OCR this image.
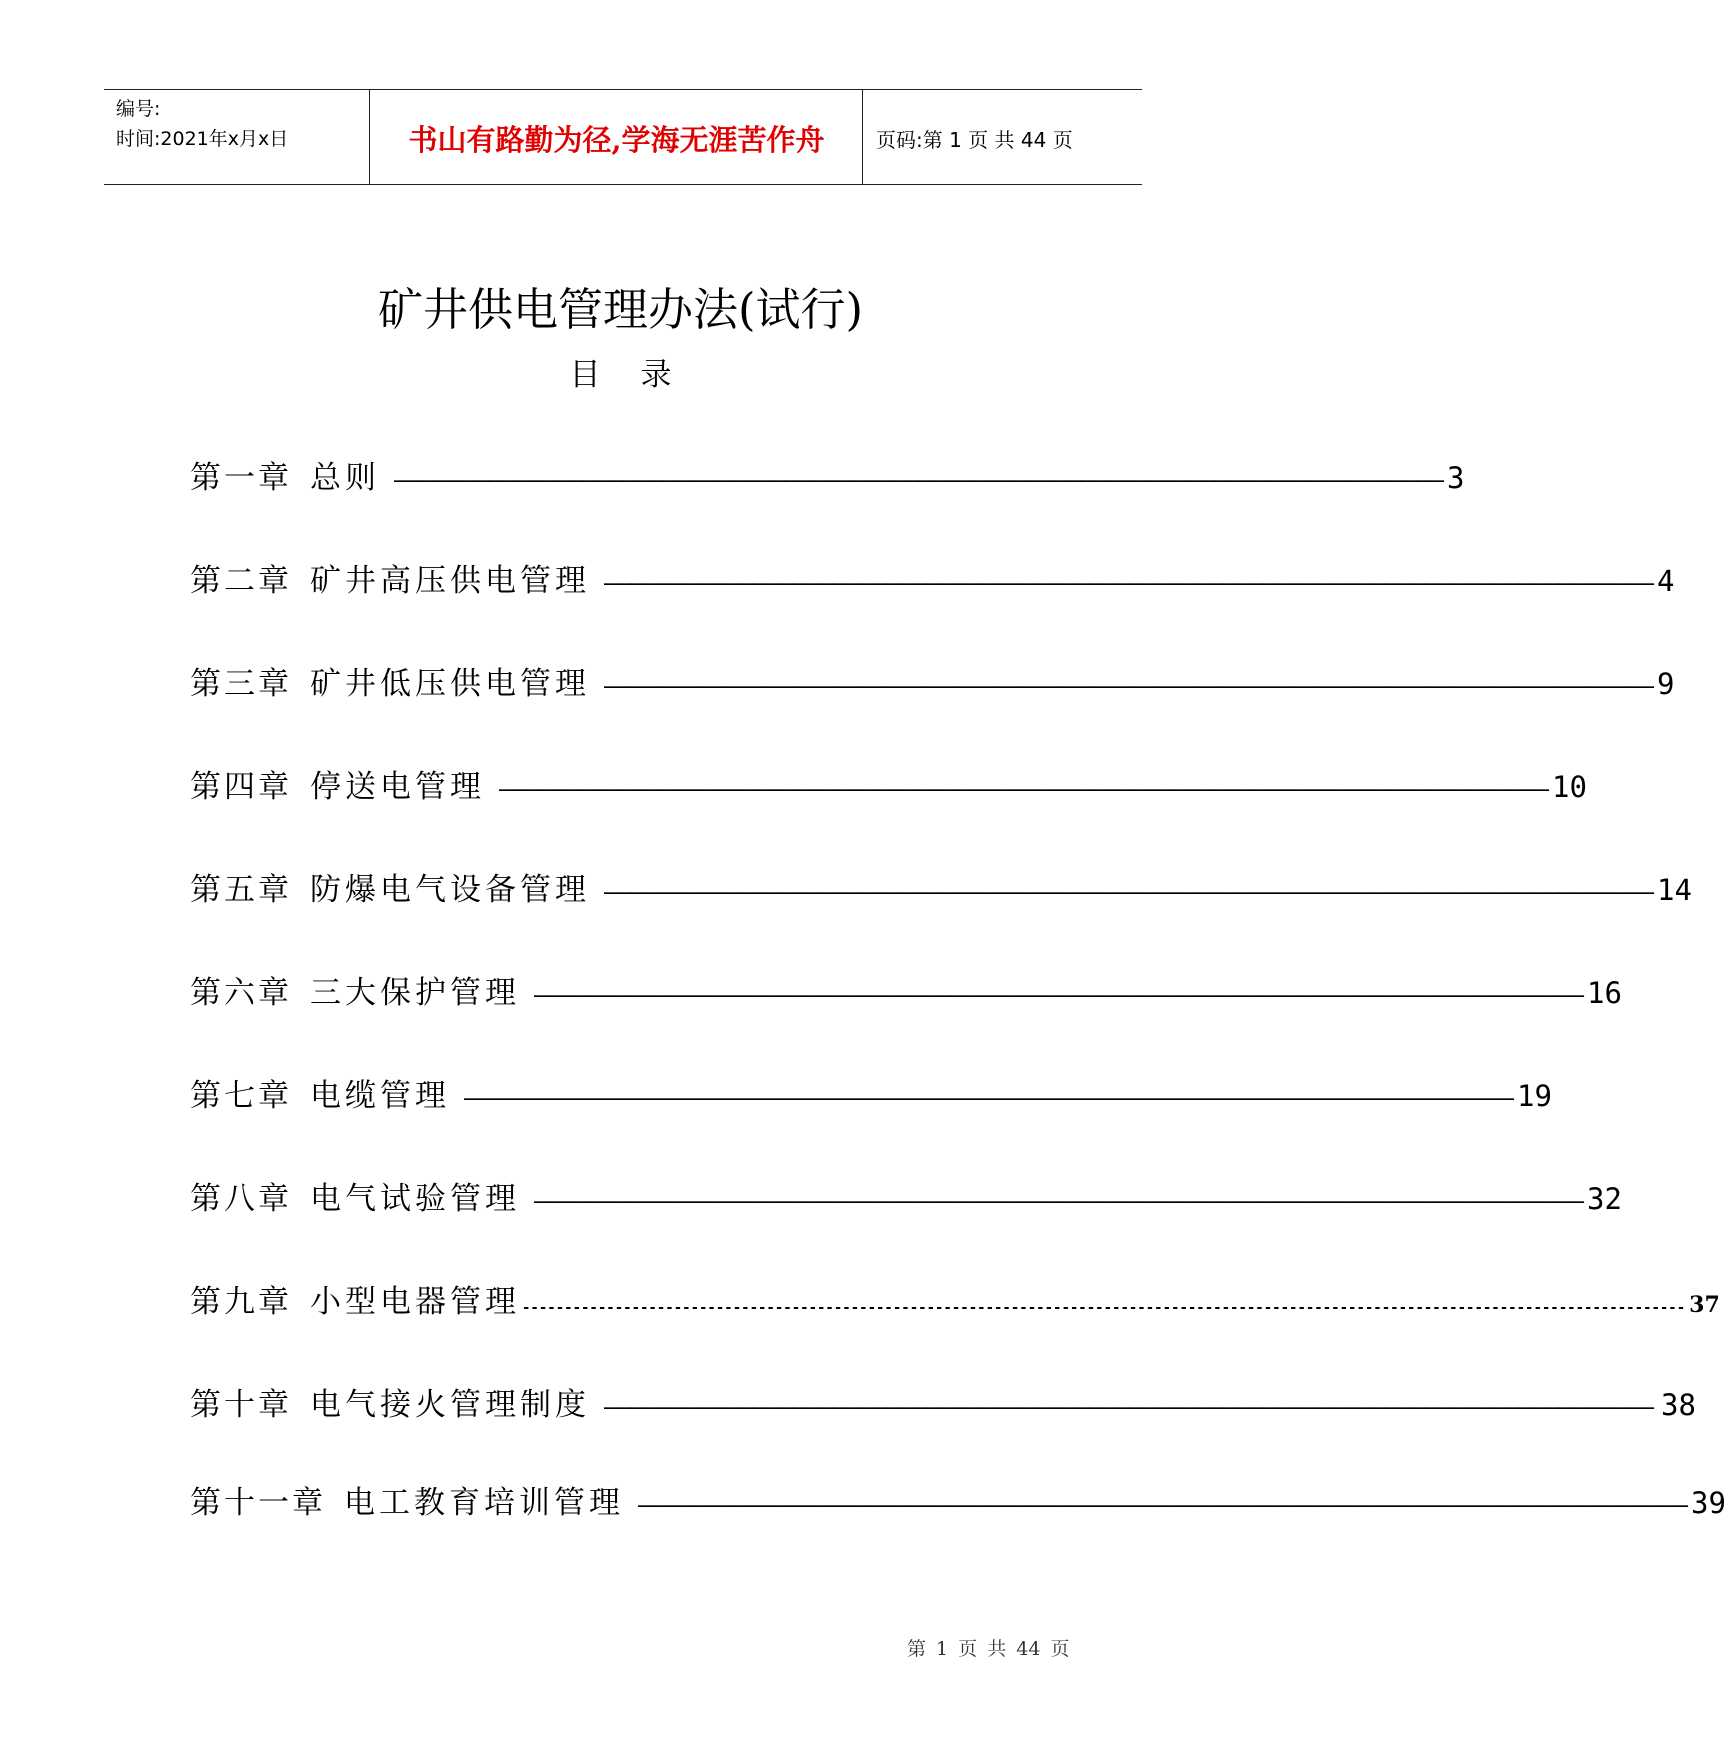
编号:
时间:2021年x月x日	书山有路勤为径,学海无涯苦作舟	页码:第 1 页 共 44 页
矿井供电管理办法(试行)
目录
第一章 总则 –––––––––––––––––––––––––––––––––––––––––––––––––––––––––––––––––––––––––––––– 3
第二章 矿井高压供电管理 –––––––––––––––––––––––––––––––––––––––––––––––––––––––––––––––––––––––––––––– 4
第三章 矿井低压供电管理 –––––––––––––––––––––––––––––––––––––––––––––––––––––––––––––––––––––––––––––– 9
第四章 停送电管理 –––––––––––––––––––––––––––––––––––––––––––––––––––––––––––––––––––––––––––––– 10
第五章 防爆电气设备管理 –––––––––––––––––––––––––––––––––––––––––––––––––––––––––––––––––––––––––––––– 14
第六章 三大保护管理 –––––––––––––––––––––––––––––––––––––––––––––––––––––––––––––––––––––––––––––– 16
第七章 电缆管理 –––––––––––––––––––––––––––––––––––––––––––––––––––––––––––––––––––––––––––––– 19
第八章 电气试验管理 –––––––––––––––––––––––––––––––––––––––––––––––––––––––––––––––––––––––––––––– 32
第九章 小型电器管理 ------------------------------------------------------------------------------------------------------------------------------------------ 37
第十章 电气接火管理制度 –––––––––––––––––––––––––––––––––––––––––––––––––––––––––––––––––––––––––––––– 38
第十一章 电工教育培训管理 –––––––––––––––––––––––––––––––––––––––––––––––––––––––––––––––––––––––––––––– 39
第 1 页 共 44 页
